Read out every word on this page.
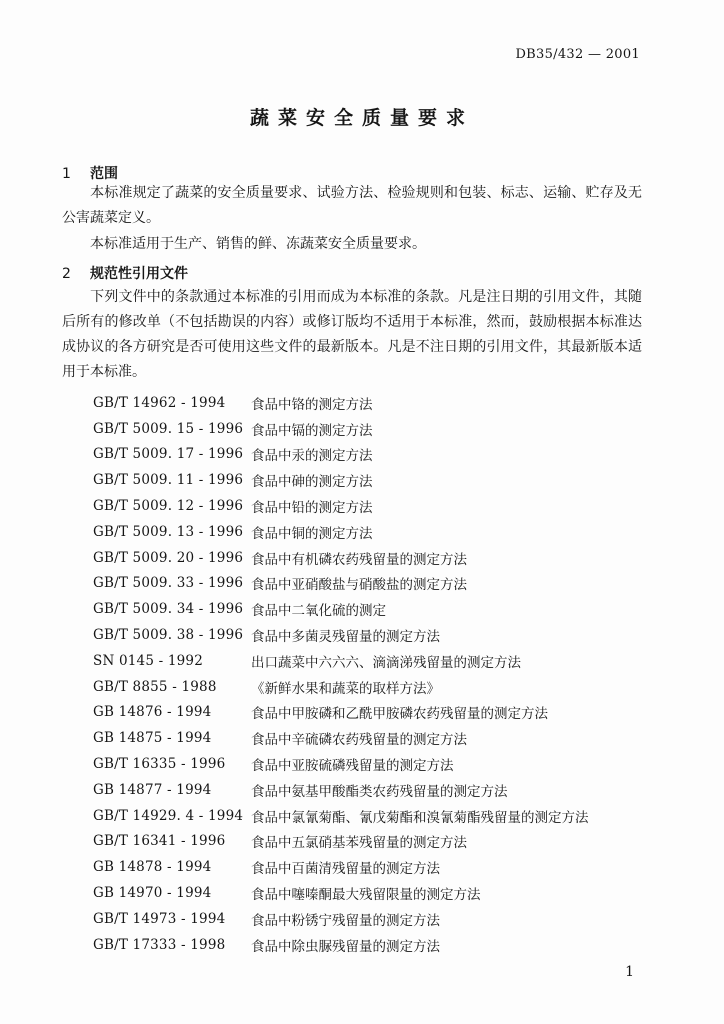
DB35/432 — 2001
蔬菜安全质量要求
1 范围
本标准规定了蔬菜的安全质量要求、试验方法、检验规则和包装、标志、运输、贮存及无公害蔬菜定义。
本标准适用于生产、销售的鲜、冻蔬菜安全质量要求。
2 规范性引用文件
下列文件中的条款通过本标准的引用而成为本标准的条款。凡是注日期的引用文件，其随后所有的修改单（不包括勘误的内容）或修订版均不适用于本标准，然而，鼓励根据本标准达成协议的各方研究是否可使用这些文件的最新版本。凡是不注日期的引用文件，其最新版本适用于本标准。
GB/T 14962 - 1994	食品中铬的测定方法
GB/T 5009. 15 - 1996 食品中镉的测定方法
GB/T 5009. 17 - 1996 食品中汞的测定方法
GB/T 5009. 11 - 1996 食品中砷的测定方法
GB/T 5009. 12 - 1996 食品中铅的测定方法
GB/T 5009. 13 - 1996 食品中铜的测定方法
GB/T 5009. 20 - 1996 食品中有机磷农药残留量的测定方法
GB/T 5009. 33 - 1996 食品中亚硝酸盐与硝酸盐的测定方法
GB/T 5009. 34 - 1996 食品中二氧化硫的测定
GB/T 5009. 38 - 1996 食品中多菌灵残留量的测定方法
SN 0145 - 1992	出口蔬菜中六六六、滴滴涕残留量的测定方法
GB/T 8855 - 1988	《新鲜水果和蔬菜的取样方法》
GB 14876 - 1994	食品中甲胺磷和乙酰甲胺磷农药残留量的测定方法
GB 14875 - 1994	食品中辛硫磷农药残留量的测定方法
GB/T 16335 - 1996	食品中亚胺硫磷残留量的测定方法
GB 14877 - 1994	食品中氨基甲酸酯类农药残留量的测定方法
GB/T 14929. 4 - 1994 食品中氯氰菊酯、氰戊菊酯和溴氰菊酯残留量的测定方法
GB/T 16341 - 1996	食品中五氯硝基苯残留量的测定方法
GB 14878 - 1994	食品中百菌清残留量的测定方法
GB 14970 - 1994	食品中噻嗪酮最大残留限量的测定方法
GB/T 14973 - 1994	食品中粉锈宁残留量的测定方法
GB/T 17333 - 1998	食品中除虫脲残留量的测定方法
1
